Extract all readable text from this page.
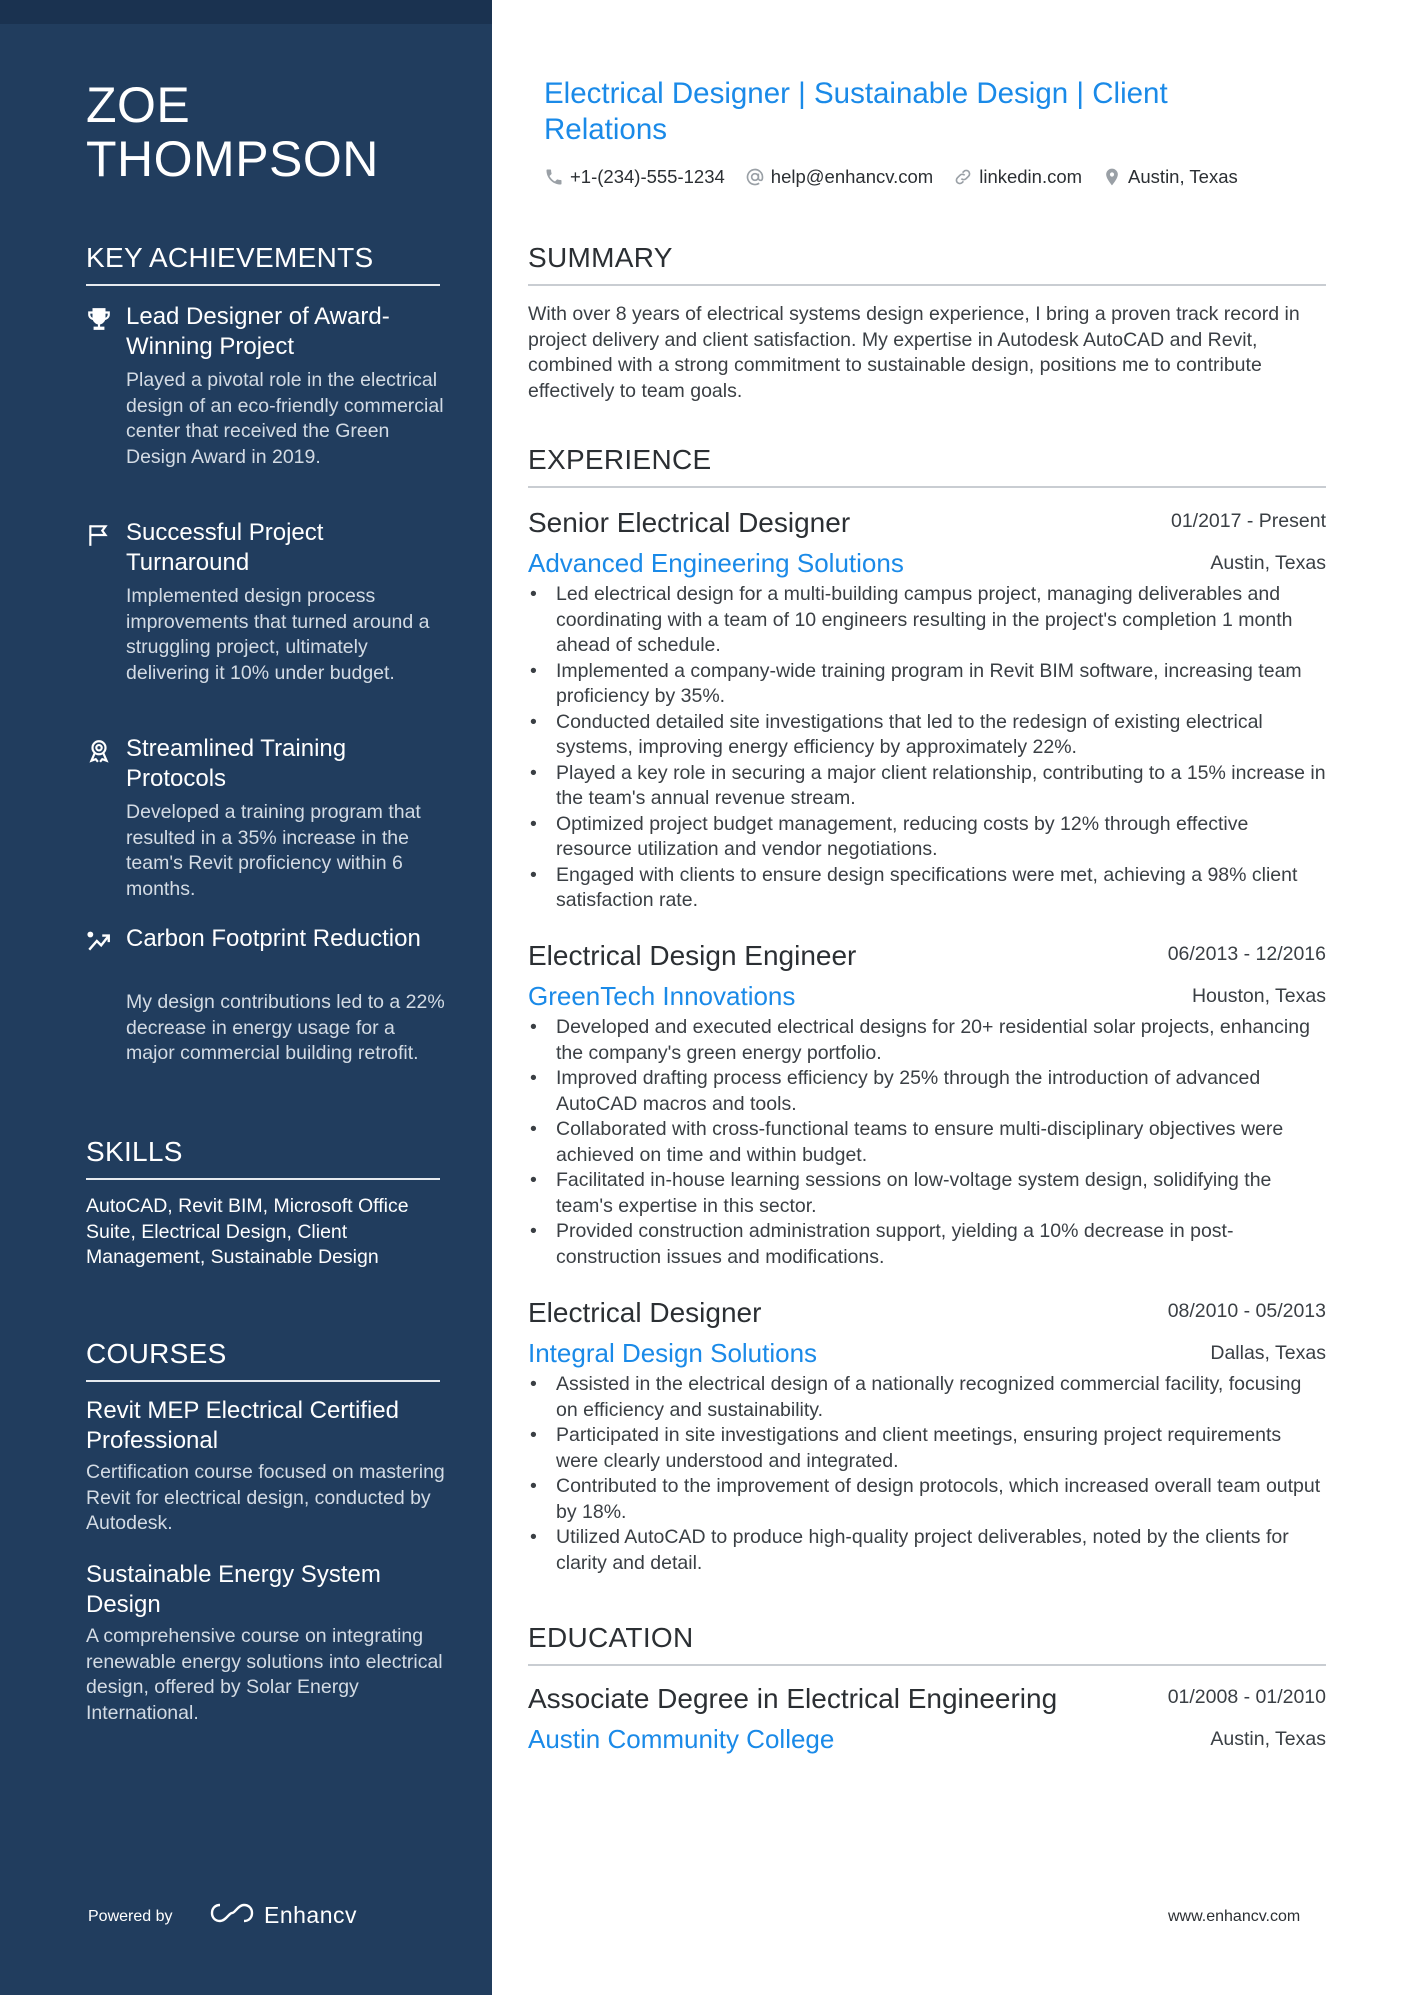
ZOE
THOMPSON
KEY ACHIEVEMENTS
Lead Designer of Award-Winning Project
Played a pivotal role in the electrical design of an eco-friendly commercial center that received the Green Design Award in 2019.
Successful Project Turnaround
Implemented design process improvements that turned around a struggling project, ultimately delivering it 10% under budget.
Streamlined Training Protocols
Developed a training program that resulted in a 35% increase in the team's Revit proficiency within 6 months.
Carbon Footprint Reduction
My design contributions led to a 22% decrease in energy usage for a major commercial building retrofit.
SKILLS
AutoCAD, Revit BIM, Microsoft Office Suite, Electrical Design, Client Management, Sustainable Design
COURSES
Revit MEP Electrical Certified Professional
Certification course focused on mastering Revit for electrical design, conducted by Autodesk.
Sustainable Energy System Design
A comprehensive course on integrating renewable energy solutions into electrical design, offered by Solar Energy International.
Powered by	Enhancv
Electrical Designer | Sustainable Design | Client Relations
+1-(234)-555-1234 help@enhancv.com linkedin.com Austin, Texas
SUMMARY
With over 8 years of electrical systems design experience, I bring a proven track record in project delivery and client satisfaction. My expertise in Autodesk AutoCAD and Revit, combined with a strong commitment to sustainable design, positions me to contribute effectively to team goals.
EXPERIENCE
Senior Electrical Designer	01/2017 - Present
Advanced Engineering Solutions	Austin, Texas
• Led electrical design for a multi-building campus project, managing deliverables and coordinating with a team of 10 engineers resulting in the project's completion 1 month ahead of schedule.
• Implemented a company-wide training program in Revit BIM software, increasing team proficiency by 35%.
• Conducted detailed site investigations that led to the redesign of existing electrical systems, improving energy efficiency by approximately 22%.
• Played a key role in securing a major client relationship, contributing to a 15% increase in the team's annual revenue stream.
• Optimized project budget management, reducing costs by 12% through effective resource utilization and vendor negotiations.
• Engaged with clients to ensure design specifications were met, achieving a 98% client satisfaction rate.
Electrical Design Engineer	06/2013 - 12/2016
GreenTech Innovations	Houston, Texas
• Developed and executed electrical designs for 20+ residential solar projects, enhancing the company's green energy portfolio.
• Improved drafting process efficiency by 25% through the introduction of advanced AutoCAD macros and tools.
• Collaborated with cross-functional teams to ensure multi-disciplinary objectives were achieved on time and within budget.
• Facilitated in-house learning sessions on low-voltage system design, solidifying the team's expertise in this sector.
• Provided construction administration support, yielding a 10% decrease in post-construction issues and modifications.
Electrical Designer	08/2010 - 05/2013
Integral Design Solutions	Dallas, Texas
• Assisted in the electrical design of a nationally recognized commercial facility, focusing on efficiency and sustainability.
• Participated in site investigations and client meetings, ensuring project requirements were clearly understood and integrated.
• Contributed to the improvement of design protocols, which increased overall team output by 18%.
• Utilized AutoCAD to produce high-quality project deliverables, noted by the clients for clarity and detail.
EDUCATION
Associate Degree in Electrical Engineering	01/2008 - 01/2010
Austin Community College	Austin, Texas
www.enhancv.com
